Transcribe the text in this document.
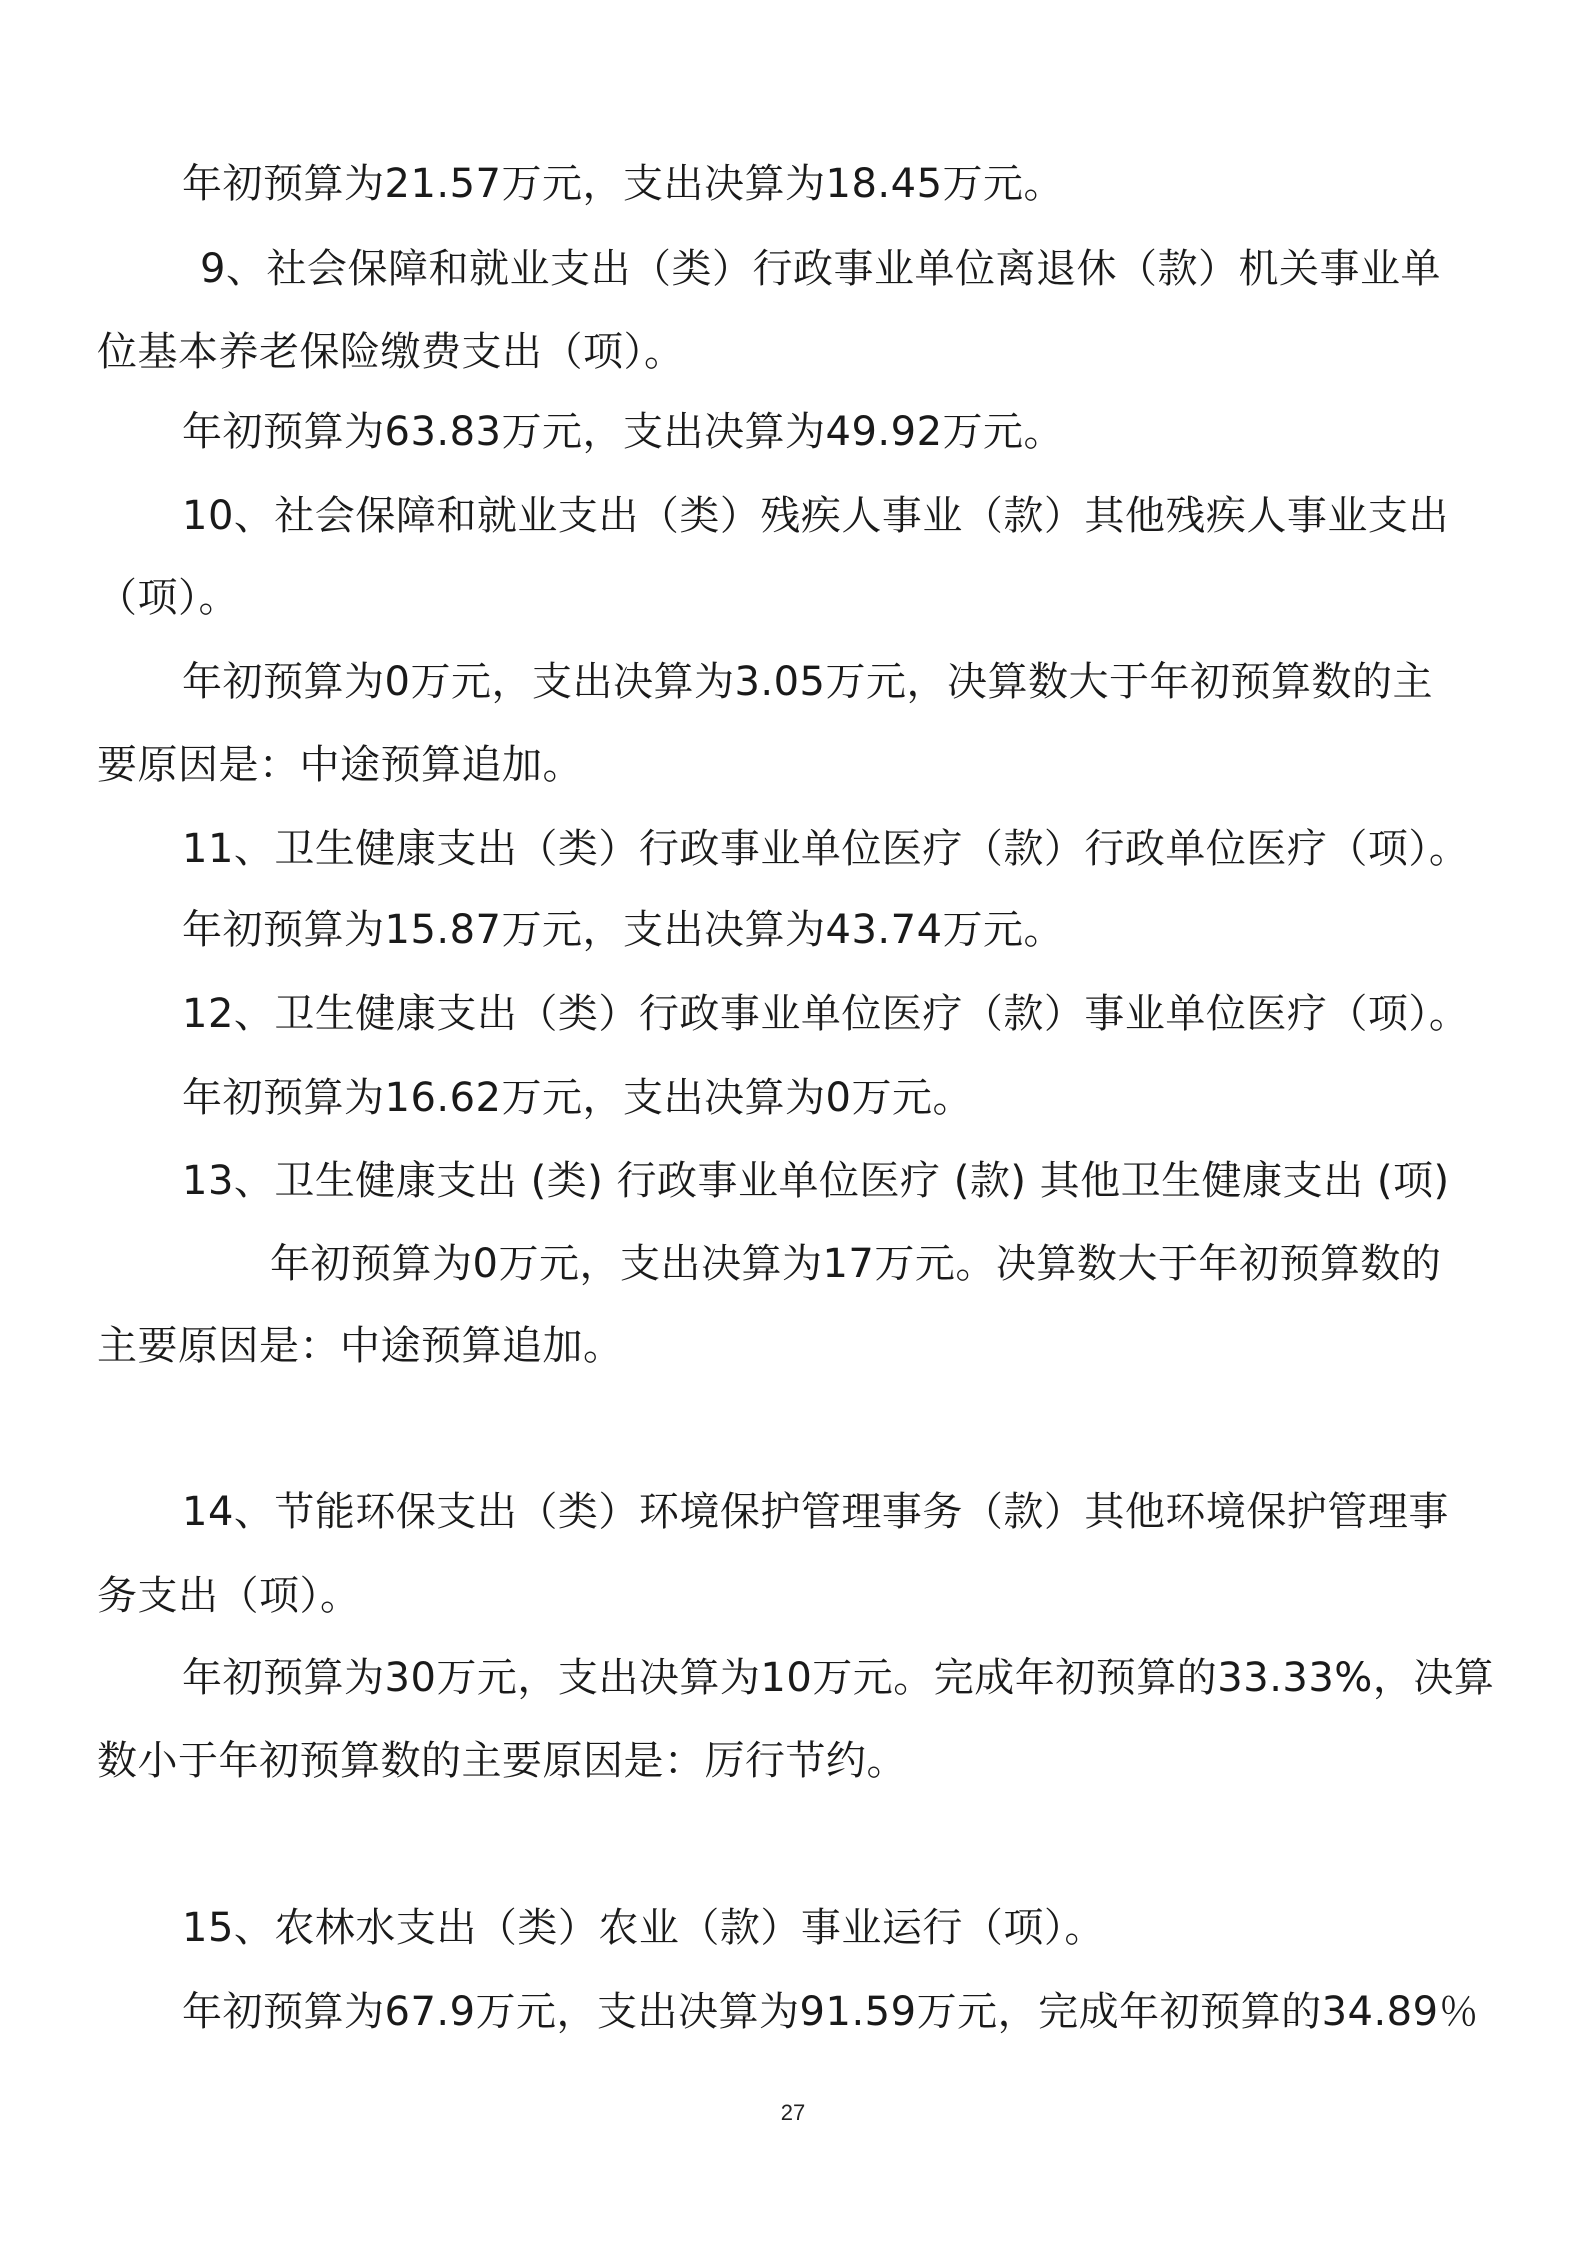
年初预算为21.57万元，支出决算为18.45万元。
9、社会保障和就业支出（类）行政事业单位离退休（款）机关事业单
位基本养老保险缴费支出（项）。
年初预算为63.83万元，支出决算为49.92万元。
10、社会保障和就业支出（类）残疾人事业（款）其他残疾人事业支出
（项）。
年初预算为0万元，支出决算为3.05万元，决算数大于年初预算数的主
要原因是：中途预算追加。
11、卫生健康支出（类）行政事业单位医疗（款）行政单位医疗（项）。
年初预算为15.87万元，支出决算为43.74万元。
12、卫生健康支出（类）行政事业单位医疗（款）事业单位医疗（项）。
年初预算为16.62万元，支出决算为0万元。
13、卫生健康支出 (类) 行政事业单位医疗 (款) 其他卫生健康支出 (项)
年初预算为0万元，支出决算为17万元。决算数大于年初预算数的
主要原因是：中途预算追加。
14、节能环保支出（类）环境保护管理事务（款）其他环境保护管理事
务支出（项）。
年初预算为30万元，支出决算为10万元。完成年初预算的33.33%，决算
数小于年初预算数的主要原因是：厉行节约。
15、农林水支出（类）农业（款）事业运行（项）。
年初预算为67.9万元，支出决算为91.59万元，完成年初预算的34.89％
27
